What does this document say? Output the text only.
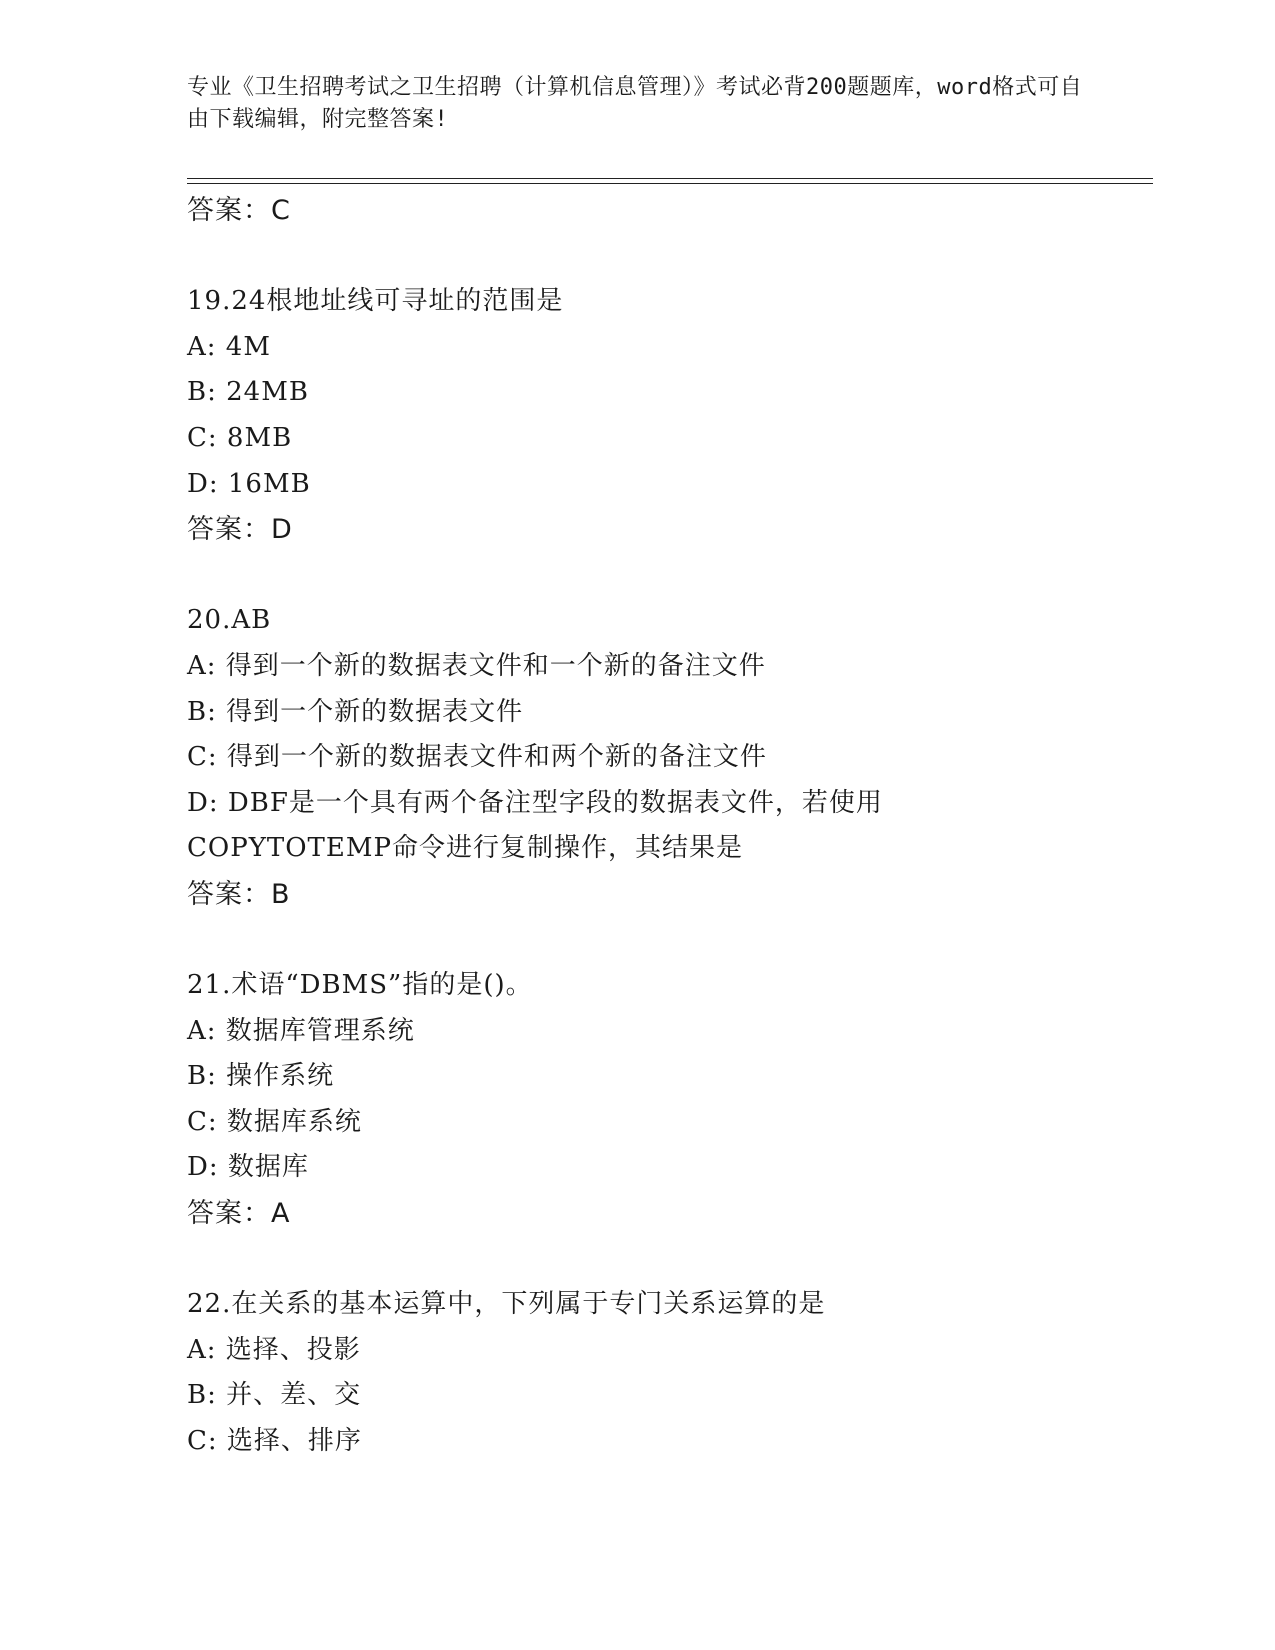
专业《卫生招聘考试之卫生招聘（计算机信息管理）》考试必背200题题库，word格式可自由下载编辑，附完整答案!
答案：C
19.24根地址线可寻址的范围是
A: 4M
B: 24MB
C: 8MB
D: 16MB
答案：D
20.AB
A: 得到一个新的数据表文件和一个新的备注文件
B: 得到一个新的数据表文件
C: 得到一个新的数据表文件和两个新的备注文件
D: DBF是一个具有两个备注型字段的数据表文件，若使用COPYTOTEMP命令进行复制操作，其结果是
答案：B
21.术语“DBMS”指的是()。
A: 数据库管理系统
B: 操作系统
C: 数据库系统
D: 数据库
答案：A
22.在关系的基本运算中，下列属于专门关系运算的是
A: 选择、投影
B: 并、差、交
C: 选择、排序
